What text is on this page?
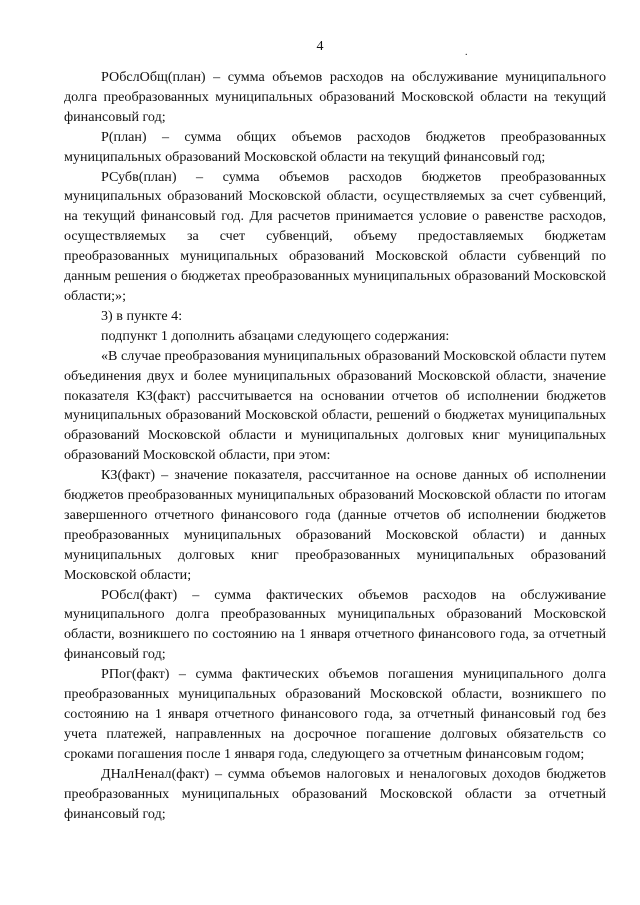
4	.

РОбслОбщ(план) – сумма объемов расходов на обслуживание муниципального долга преобразованных муниципальных образований Московской области на текущий финансовый год;

Р(план) – сумма общих объемов расходов бюджетов преобразованных муниципальных образований Московской области на текущий финансовый год;

РСубв(план) – сумма объемов расходов бюджетов преобразованных муниципальных образований Московской области, осуществляемых за счет субвенций, на текущий финансовый год. Для расчетов принимается условие о равенстве расходов, осуществляемых за счет субвенций, объему предоставляемых бюджетам преобразованных муниципальных образований Московской области субвенций по данным решения о бюджетах преобразованных муниципальных образований Московской области;»;

3) в пункте 4:

подпункт 1 дополнить абзацами следующего содержания:

«В случае преобразования муниципальных образований Московской области путем объединения двух и более муниципальных образований Московской области, значение показателя КЗ(факт) рассчитывается на основании отчетов об исполнении бюджетов муниципальных образований Московской области, решений о бюджетах муниципальных образований Московской области и муниципальных долговых книг муниципальных образований Московской области, при этом:

КЗ(факт) – значение показателя, рассчитанное на основе данных об исполнении бюджетов преобразованных муниципальных образований Московской области по итогам завершенного отчетного финансового года (данные отчетов об исполнении бюджетов преобразованных муниципальных образований Московской области) и данных муниципальных долговых книг преобразованных муниципальных образований Московской области;

РОбсл(факт) – сумма фактических объемов расходов на обслуживание муниципального долга преобразованных муниципальных образований Московской области, возникшего по состоянию на 1 января отчетного финансового года, за отчетный финансовый год;

РПог(факт) – сумма фактических объемов погашения муниципального долга преобразованных муниципальных образований Московской области, возникшего по состоянию на 1 января отчетного финансового года, за отчетный финансовый год без учета платежей, направленных на досрочное погашение долговых обязательств со сроками погашения после 1 января года, следующего за отчетным финансовым годом;

ДНалНенал(факт) – сумма объемов налоговых и неналоговых доходов бюджетов преобразованных муниципальных образований Московской области за отчетный финансовый год;
